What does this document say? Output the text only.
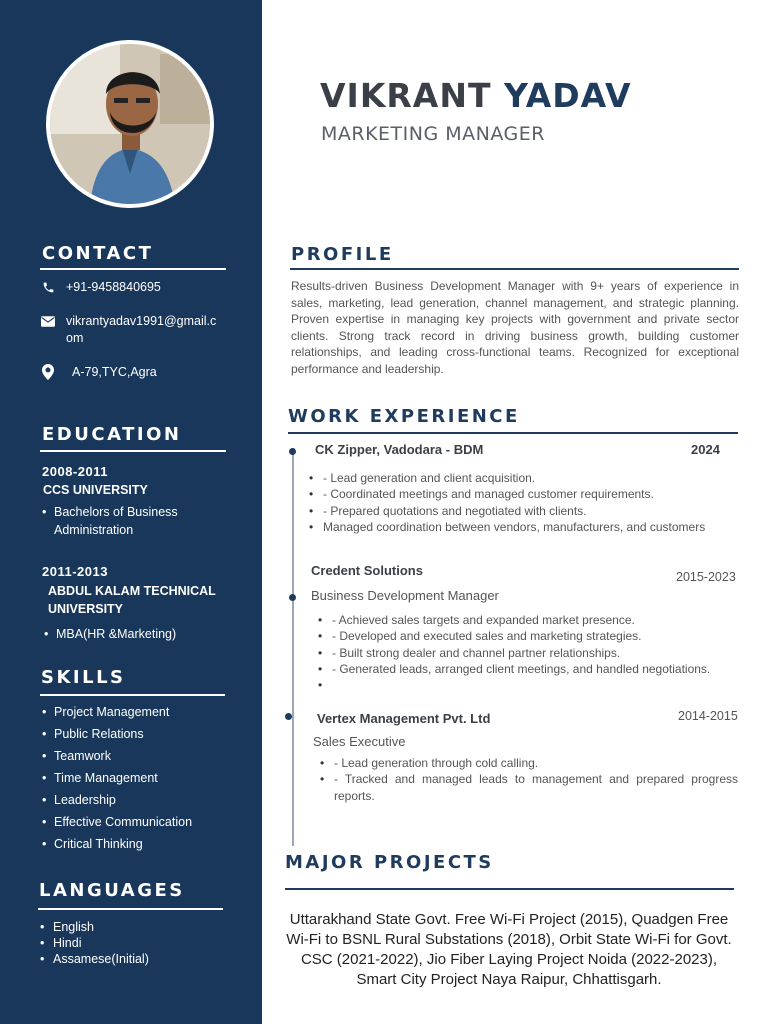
CONTACT
+91-9458840695
vikrantyadav1991@gmail.c
om
A-79,TYC,Agra
EDUCATION
2008-2011
CCS UNIVERSITY
• Bachelors of Business
Administration
2011-2013
ABDUL KALAM TECHNICAL
UNIVERSITY
• MBA(HR &Marketing)
SKILLS
• Project Management
• Public Relations
• Teamwork
• Time Management
• Leadership
• Effective Communication
• Critical Thinking
LANGUAGES
• English
• Hindi
• Assamese(Initial)
VIKRANT YADAV
MARKETING MANAGER
PROFILE

Results-driven Business Development Manager with 9+ years of experience in sales, marketing, lead generation, channel management, and strategic planning. Proven expertise in managing key projects with government and private sector clients. Strong track record in driving business growth, building customer relationships, and leading cross-functional teams. Recognized for exceptional performance and leadership.

WORK EXPERIENCE
CK Zipper, Vadodara - BDM	2024
• - Lead generation and client acquisition.
• - Coordinated meetings and managed customer requirements.
• - Prepared quotations and negotiated with clients.
• Managed coordination between vendors, manufacturers, and customers
Credent Solutions	2015-2023
Business Development Manager
• - Achieved sales targets and expanded market presence.
• - Developed and executed sales and marketing strategies.
• - Built strong dealer and channel partner relationships.
• - Generated leads, arranged client meetings, and handled negotiations.
•
Vertex Management Pvt. Ltd	2014-2015
Sales Executive
• - Lead generation through cold calling.
• - Tracked and managed leads to management and prepared progress reports.
MAJOR PROJECTS

Uttarakhand State Govt. Free Wi-Fi Project (2015), Quadgen Free Wi-Fi to BSNL Rural Substations (2018), Orbit State Wi-Fi for Govt. CSC (2021-2022), Jio Fiber Laying Project Noida (2022-2023), Smart City Project Naya Raipur, Chhattisgarh.
